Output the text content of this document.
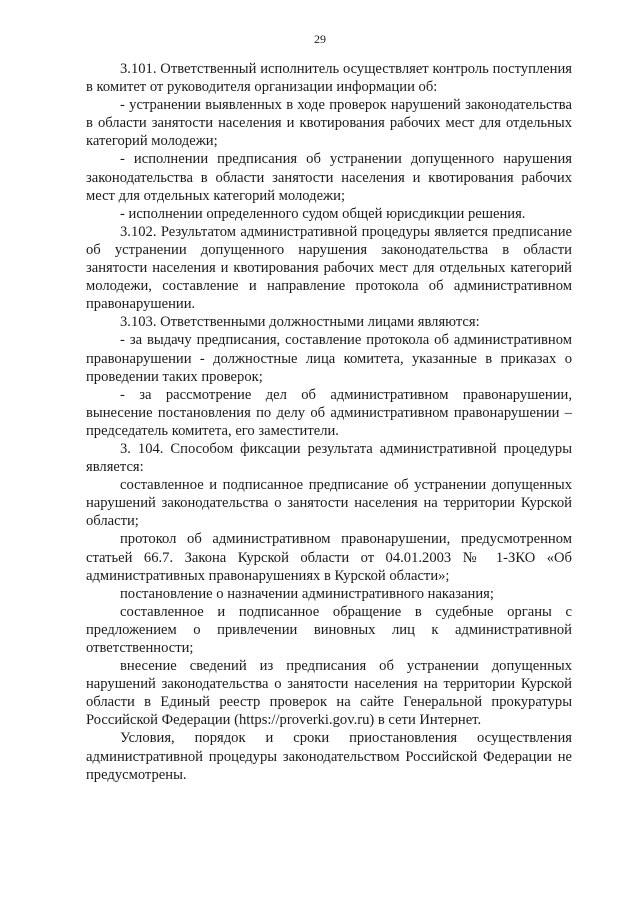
29

3.101. Ответственный исполнитель осуществляет контроль поступления в комитет от руководителя организации информации об:

- устранении выявленных в ходе проверок нарушений законодательства в области занятости населения и квотирования рабочих мест для отдельных категорий молодежи;

- исполнении предписания об устранении допущенного нарушения законодательства в области занятости населения и квотирования рабочих мест для отдельных категорий молодежи;

- исполнении определенного судом общей юрисдикции решения.

3.102. Результатом административной процедуры является предписание об устранении допущенного нарушения законодательства в области занятости населения и квотирования рабочих мест для отдельных категорий молодежи, составление и направление протокола об административном правонарушении.

3.103. Ответственными должностными лицами являются:

- за выдачу предписания, составление протокола об административном правонарушении - должностные лица комитета, указанные в приказах о проведении таких проверок;

- за рассмотрение дел об административном правонарушении, вынесение постановления по делу об административном правонарушении – председатель комитета, его заместители.

3. 104. Способом фиксации результата административной процедуры является:

составленное и подписанное предписание об устранении допущенных нарушений законодательства о занятости населения на территории Курской области;

протокол об административном правонарушении, предусмотренном статьей 66.7. Закона Курской области от 04.01.2003 № 1-ЗКО «Об административных правонарушениях в Курской области»;

постановление о назначении административного наказания;

составленное и подписанное обращение в судебные органы с предложением о привлечении виновных лиц к административной ответственности;

внесение сведений из предписания об устранении допущенных нарушений законодательства о занятости населения на территории Курской области в Единый реестр проверок на сайте Генеральной прокуратуры Российской Федерации (https://proverki.gov.ru) в сети Интернет.

Условия, порядок и сроки приостановления осуществления административной процедуры законодательством Российской Федерации не предусмотрены.
